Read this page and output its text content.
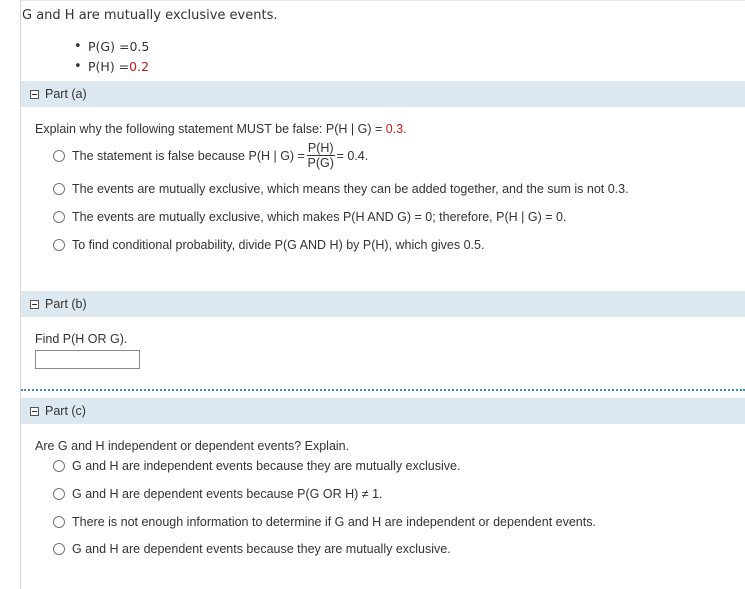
G and H are mutually exclusive events.
• P(G) = 0.5
• P(H) = 0.2
Part (a)
Explain why the following statement MUST be false: P(H | G) = 0.3.
The statement is false because P(H | $G) = \frac{P(H)}{P(G)} = 0.4$.
The events are mutually exclusive, which means they can be added together, and the sum is not 0.3.
The events are mutually exclusive, which makes P(H AND G) = 0; therefore, P(H | G) = 0.
To find conditional probability, divide P(G AND H) by P(H), which gives 0.5.
Part (b)
Find P(H OR G).
Part (c)
Are G and H independent or dependent events? Explain.
G and H are independent events because they are mutually exclusive.
G and H are dependent events because P(G OR H) ≠ 1.
There is not enough information to determine if G and H are independent or dependent events.
G and H are dependent events because they are mutually exclusive.
